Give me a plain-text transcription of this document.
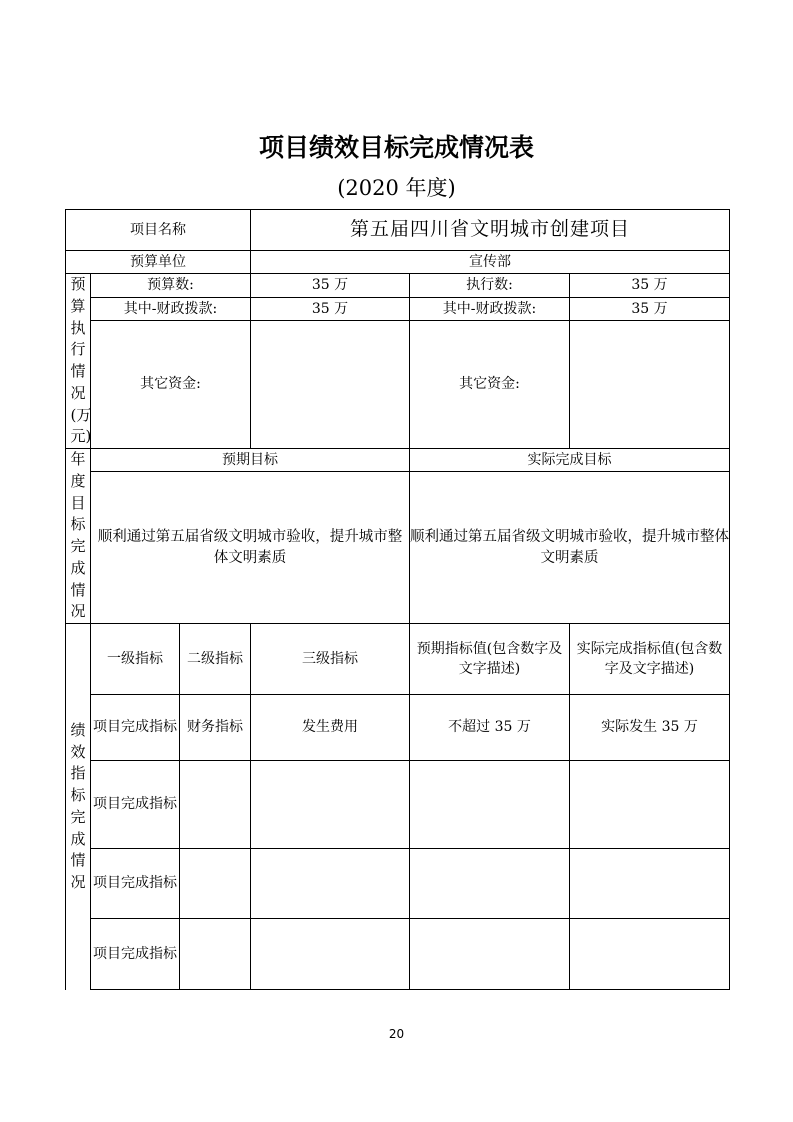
项目绩效目标完成情况表
(2020 年度)
项目名称			第五届四川省文明城市创建项目		
预算单位			宣传部		

预算执行情况(万元)	预算数:		35 万	执行数:	35 万
	其中-财政拨款:		35 万	其中-财政拨款:	35 万
	其它资金:			其它资金:	

年度目标完成情况	预期目标			实际完成目标	
	顺利通过第五届省级文明城市验收，提升城市整体文明素质			顺利通过第五届省级文明城市验收，提升城市整体文明素质	

绩效指标完成情况	一级指标	二级指标	三级指标	预期指标值(包含数字及文字描述)	实际完成指标值(包含数字及文字描述)
	项目完成指标	财务指标	发生费用	不超过 35 万	实际发生 35 万
	项目完成指标				
	项目完成指标				
	项目完成指标				
20
